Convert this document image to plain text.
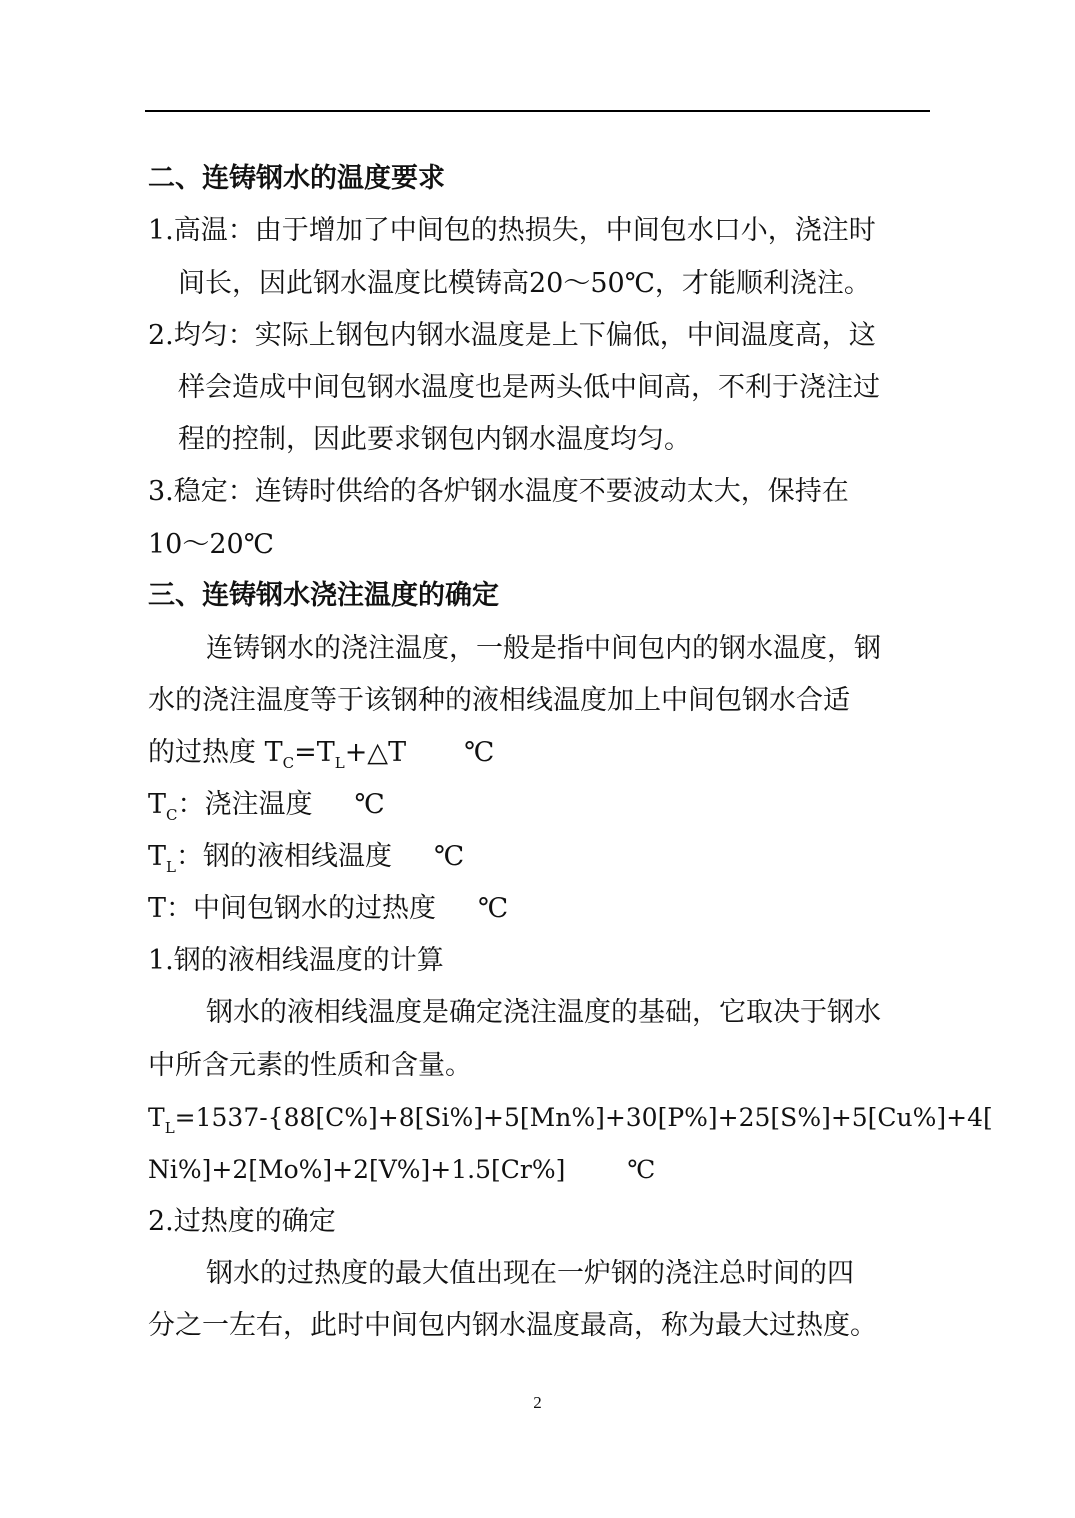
二、连铸钢水的温度要求
1.高温：由于增加了中间包的热损失，中间包水口小，浇注时
间长，因此钢水温度比模铸高20～50℃，才能顺利浇注。
2.均匀：实际上钢包内钢水温度是上下偏低，中间温度高，这
样会造成中间包钢水温度也是两头低中间高，不利于浇注过
程的控制，因此要求钢包内钢水温度均匀。
3.稳定：连铸时供给的各炉钢水温度不要波动太大，保持在
10～20℃
三、连铸钢水浇注温度的确定
连铸钢水的浇注温度，一般是指中间包内的钢水温度，钢
水的浇注温度等于该钢种的液相线温度加上中间包钢水合适
的过热度 $T_C=T_L+\triangle T$ ℃
$T_C$：浇注温度 ℃
$T_L$：钢的液相线温度 ℃
T：中间包钢水的过热度 ℃
1.钢的液相线温度的计算
钢水的液相线温度是确定浇注温度的基础，它取决于钢水
中所含元素的性质和含量。
$T_L=1537-\{88[C\%]+8[Si\%]+5[Mn\%]+30[P\%]+25[S\%]+5[Cu\%]+4$[
Ni%]+2[Mo%]+2[V%]+1.5[Cr%] ℃
2.过热度的确定
钢水的过热度的最大值出现在一炉钢的浇注总时间的四
分之一左右，此时中间包内钢水温度最高，称为最大过热度。
2
